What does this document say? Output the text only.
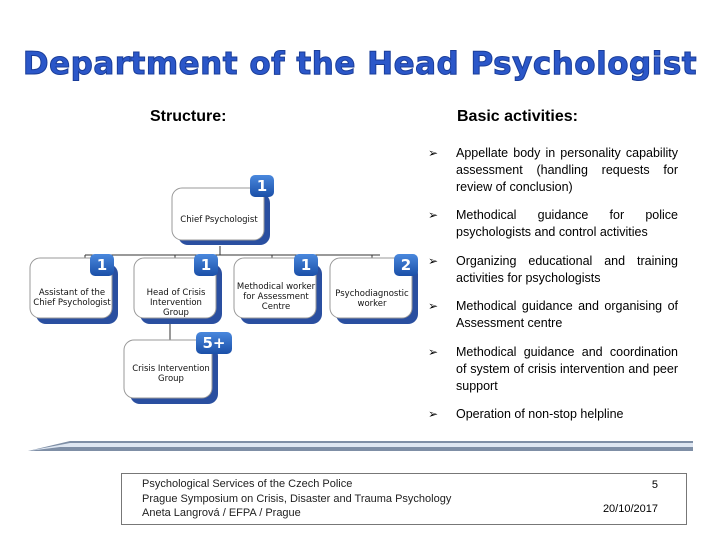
Department of the Head Psychologist
Structure:	Basic activities:
Chief Psychologist
1
Assistant of the Chief Psychologist
1
Head of Crisis Intervention Group
1
Methodical worker for Assessment Centre
1
Psychodiagnostic worker
2
Crisis Intervention Group
5+
➢ Appellate body in personality capability assessment (handling requests for review of conclusion)
➢ Methodical guidance for police psychologists and control activities
➢ Organizing educational and training activities for psychologists
➢ Methodical guidance and organising of Assessment centre
➢ Methodical guidance and coordination of system of crisis intervention and peer support
➢ Operation of non-stop helpline
Psychological Services of the Czech Police
Prague Symposium on Crisis, Disaster and Trauma Psychology
Aneta Langrová / EFPA / Prague
5
20/10/2017
